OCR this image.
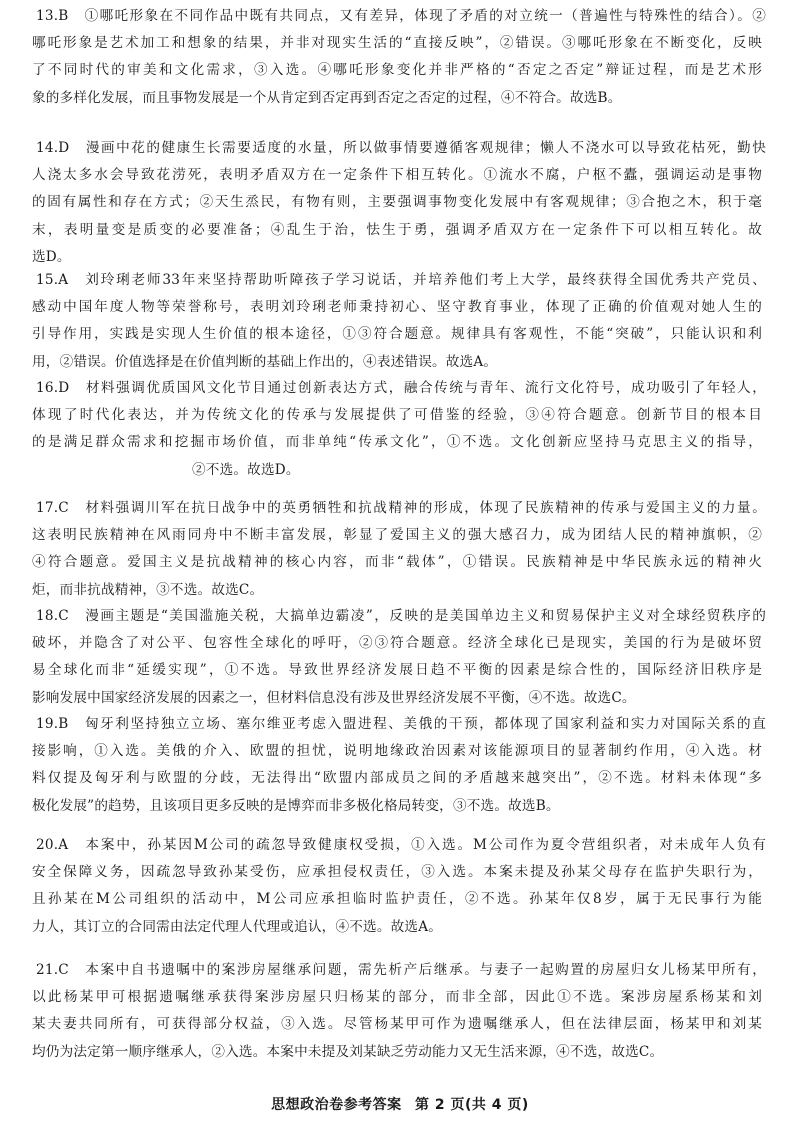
13.B　①哪吒形象在不同作品中既有共同点，又有差异，体现了矛盾的对立统一（普遍性与特殊性的结合）。②
哪吒形象是艺术加工和想象的结果，并非对现实生活的“直接反映”，②错误。③哪吒形象在不断变化，反映
了不同时代的审美和文化需求，③入选。④哪吒形象变化并非严格的“否定之否定”辩证过程，而是艺术形
象的多样化发展，而且事物发展是一个从肯定到否定再到否定之否定的过程，④不符合。故选B。
14.D　漫画中花的健康生长需要适度的水量，所以做事情要遵循客观规律；懒人不浇水可以导致花枯死，勤快
人浇太多水会导致花涝死，表明矛盾双方在一定条件下相互转化。①流水不腐，户枢不蠹，强调运动是事物
的固有属性和存在方式；②天生烝民，有物有则，主要强调事物变化发展中有客观规律；③合抱之木，积于毫
末，表明量变是质变的必要准备；④乱生于治，怯生于勇，强调矛盾双方在一定条件下可以相互转化。故
选D。
15.A　刘玲琍老师33年来坚持帮助听障孩子学习说话，并培养他们考上大学，最终获得全国优秀共产党员、
感动中国年度人物等荣誉称号，表明刘玲琍老师秉持初心、坚守教育事业，体现了正确的价值观对她人生的
引导作用，实践是实现人生价值的根本途径，①③符合题意。规律具有客观性，不能“突破”，只能认识和利
用，②错误。价值选择是在价值判断的基础上作出的，④表述错误。故选A。
16.D　材料强调优质国风文化节目通过创新表达方式，融合传统与青年、流行文化符号，成功吸引了年轻人，
体现了时代化表达，并为传统文化的传承与发展提供了可借鉴的经验，③④符合题意。创新节目的根本目
的是满足群众需求和挖掘市场价值，而非单纯“传承文化”，①不选。文化创新应坚持马克思主义的指导，
②不选。故选D。
17.C　材料强调川军在抗日战争中的英勇牺牲和抗战精神的形成，体现了民族精神的传承与爱国主义的力量。
这表明民族精神在风雨同舟中不断丰富发展，彰显了爱国主义的强大感召力，成为团结人民的精神旗帜，②
④符合题意。爱国主义是抗战精神的核心内容，而非“载体”，①错误。民族精神是中华民族永远的精神火
炬，而非抗战精神，③不选。故选C。
18.C　漫画主题是“美国滥施关税，大搞单边霸凌”，反映的是美国单边主义和贸易保护主义对全球经贸秩序的
破坏，并隐含了对公平、包容性全球化的呼吁，②③符合题意。经济全球化已是现实，美国的行为是破坏贸
易全球化而非“延缓实现”，①不选。导致世界经济发展日趋不平衡的因素是综合性的，国际经济旧秩序是
影响发展中国家经济发展的因素之一，但材料信息没有涉及世界经济发展不平衡，④不选。故选C。
19.B　匈牙利坚持独立立场、塞尔维亚考虑入盟进程、美俄的干预，都体现了国家利益和实力对国际关系的直
接影响，①入选。美俄的介入、欧盟的担忧，说明地缘政治因素对该能源项目的显著制约作用，④入选。材
料仅提及匈牙利与欧盟的分歧，无法得出“欧盟内部成员之间的矛盾越来越突出”，②不选。材料未体现“多
极化发展”的趋势，且该项目更多反映的是博弈而非多极化格局转变，③不选。故选B。
20.A　本案中，孙某因M公司的疏忽导致健康权受损，①入选。M公司作为夏令营组织者，对未成年人负有
安全保障义务，因疏忽导致孙某受伤，应承担侵权责任，③入选。本案未提及孙某父母存在监护失职行为，
且孙某在M公司组织的活动中，M公司应承担临时监护责任，②不选。孙某年仅8岁，属于无民事行为能
力人，其订立的合同需由法定代理人代理或追认，④不选。故选A。
21.C　本案中自书遗嘱中的案涉房屋继承问题，需先析产后继承。与妻子一起购置的房屋归女儿杨某甲所有，
以此杨某甲可根据遗嘱继承获得案涉房屋只归杨某的部分，而非全部，因此①不选。案涉房屋系杨某和刘
某夫妻共同所有，可获得部分权益，③入选。尽管杨某甲可作为遗嘱继承人，但在法律层面，杨某甲和刘某
均仍为法定第一顺序继承人，②入选。本案中未提及刘某缺乏劳动能力又无生活来源，④不选，故选C。
思想政治卷参考答案 第 2 页(共 4 页)
